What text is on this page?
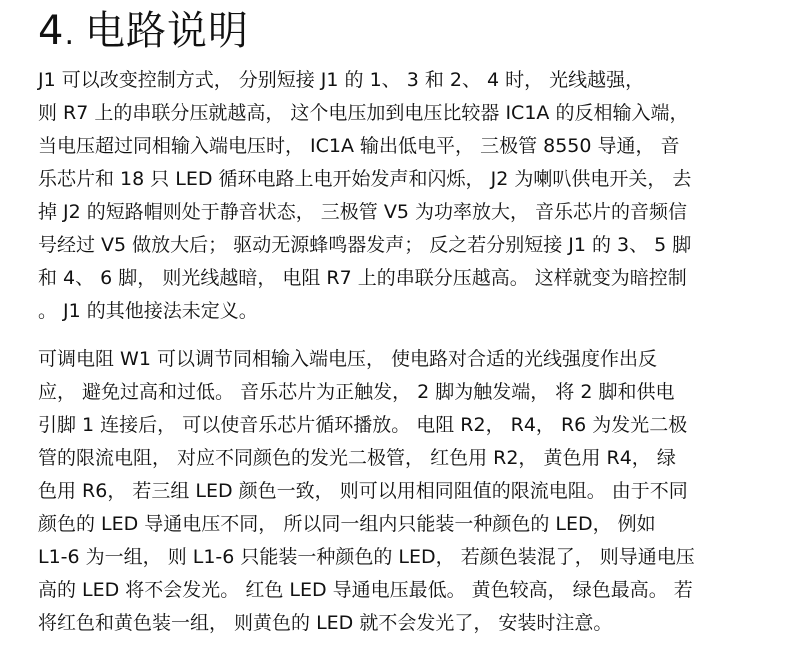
4. 电路说明
J1 可以改变控制方式， 分别短接 J1 的 1、 3 和 2、 4 时， 光线越强，
则 R7 上的串联分压就越高， 这个电压加到电压比较器 IC1A 的反相输入端，
当电压超过同相输入端电压时， IC1A 输出低电平， 三极管 8550 导通， 音
乐芯片和 18 只 LED 循环电路上电开始发声和闪烁， J2 为喇叭供电开关， 去
掉 J2 的短路帽则处于静音状态， 三极管 V5 为功率放大， 音乐芯片的音频信
号经过 V5 做放大后； 驱动无源蜂鸣器发声； 反之若分别短接 J1 的 3、 5 脚
和 4、 6 脚， 则光线越暗， 电阻 R7 上的串联分压越高。 这样就变为暗控制
。 J1 的其他接法未定义。
可调电阻 W1 可以调节同相输入端电压， 使电路对合适的光线强度作出反
应， 避免过高和过低。 音乐芯片为正触发， 2 脚为触发端， 将 2 脚和供电
引脚 1 连接后， 可以使音乐芯片循环播放。 电阻 R2， R4， R6 为发光二极
管的限流电阻， 对应不同颜色的发光二极管， 红色用 R2， 黄色用 R4， 绿
色用 R6， 若三组 LED 颜色一致， 则可以用相同阻值的限流电阻。 由于不同
颜色的 LED 导通电压不同， 所以同一组内只能装一种颜色的 LED， 例如
L1-6 为一组， 则 L1-6 只能装一种颜色的 LED， 若颜色装混了， 则导通电压
高的 LED 将不会发光。 红色 LED 导通电压最低。 黄色较高， 绿色最高。 若
将红色和黄色装一组， 则黄色的 LED 就不会发光了， 安装时注意。
